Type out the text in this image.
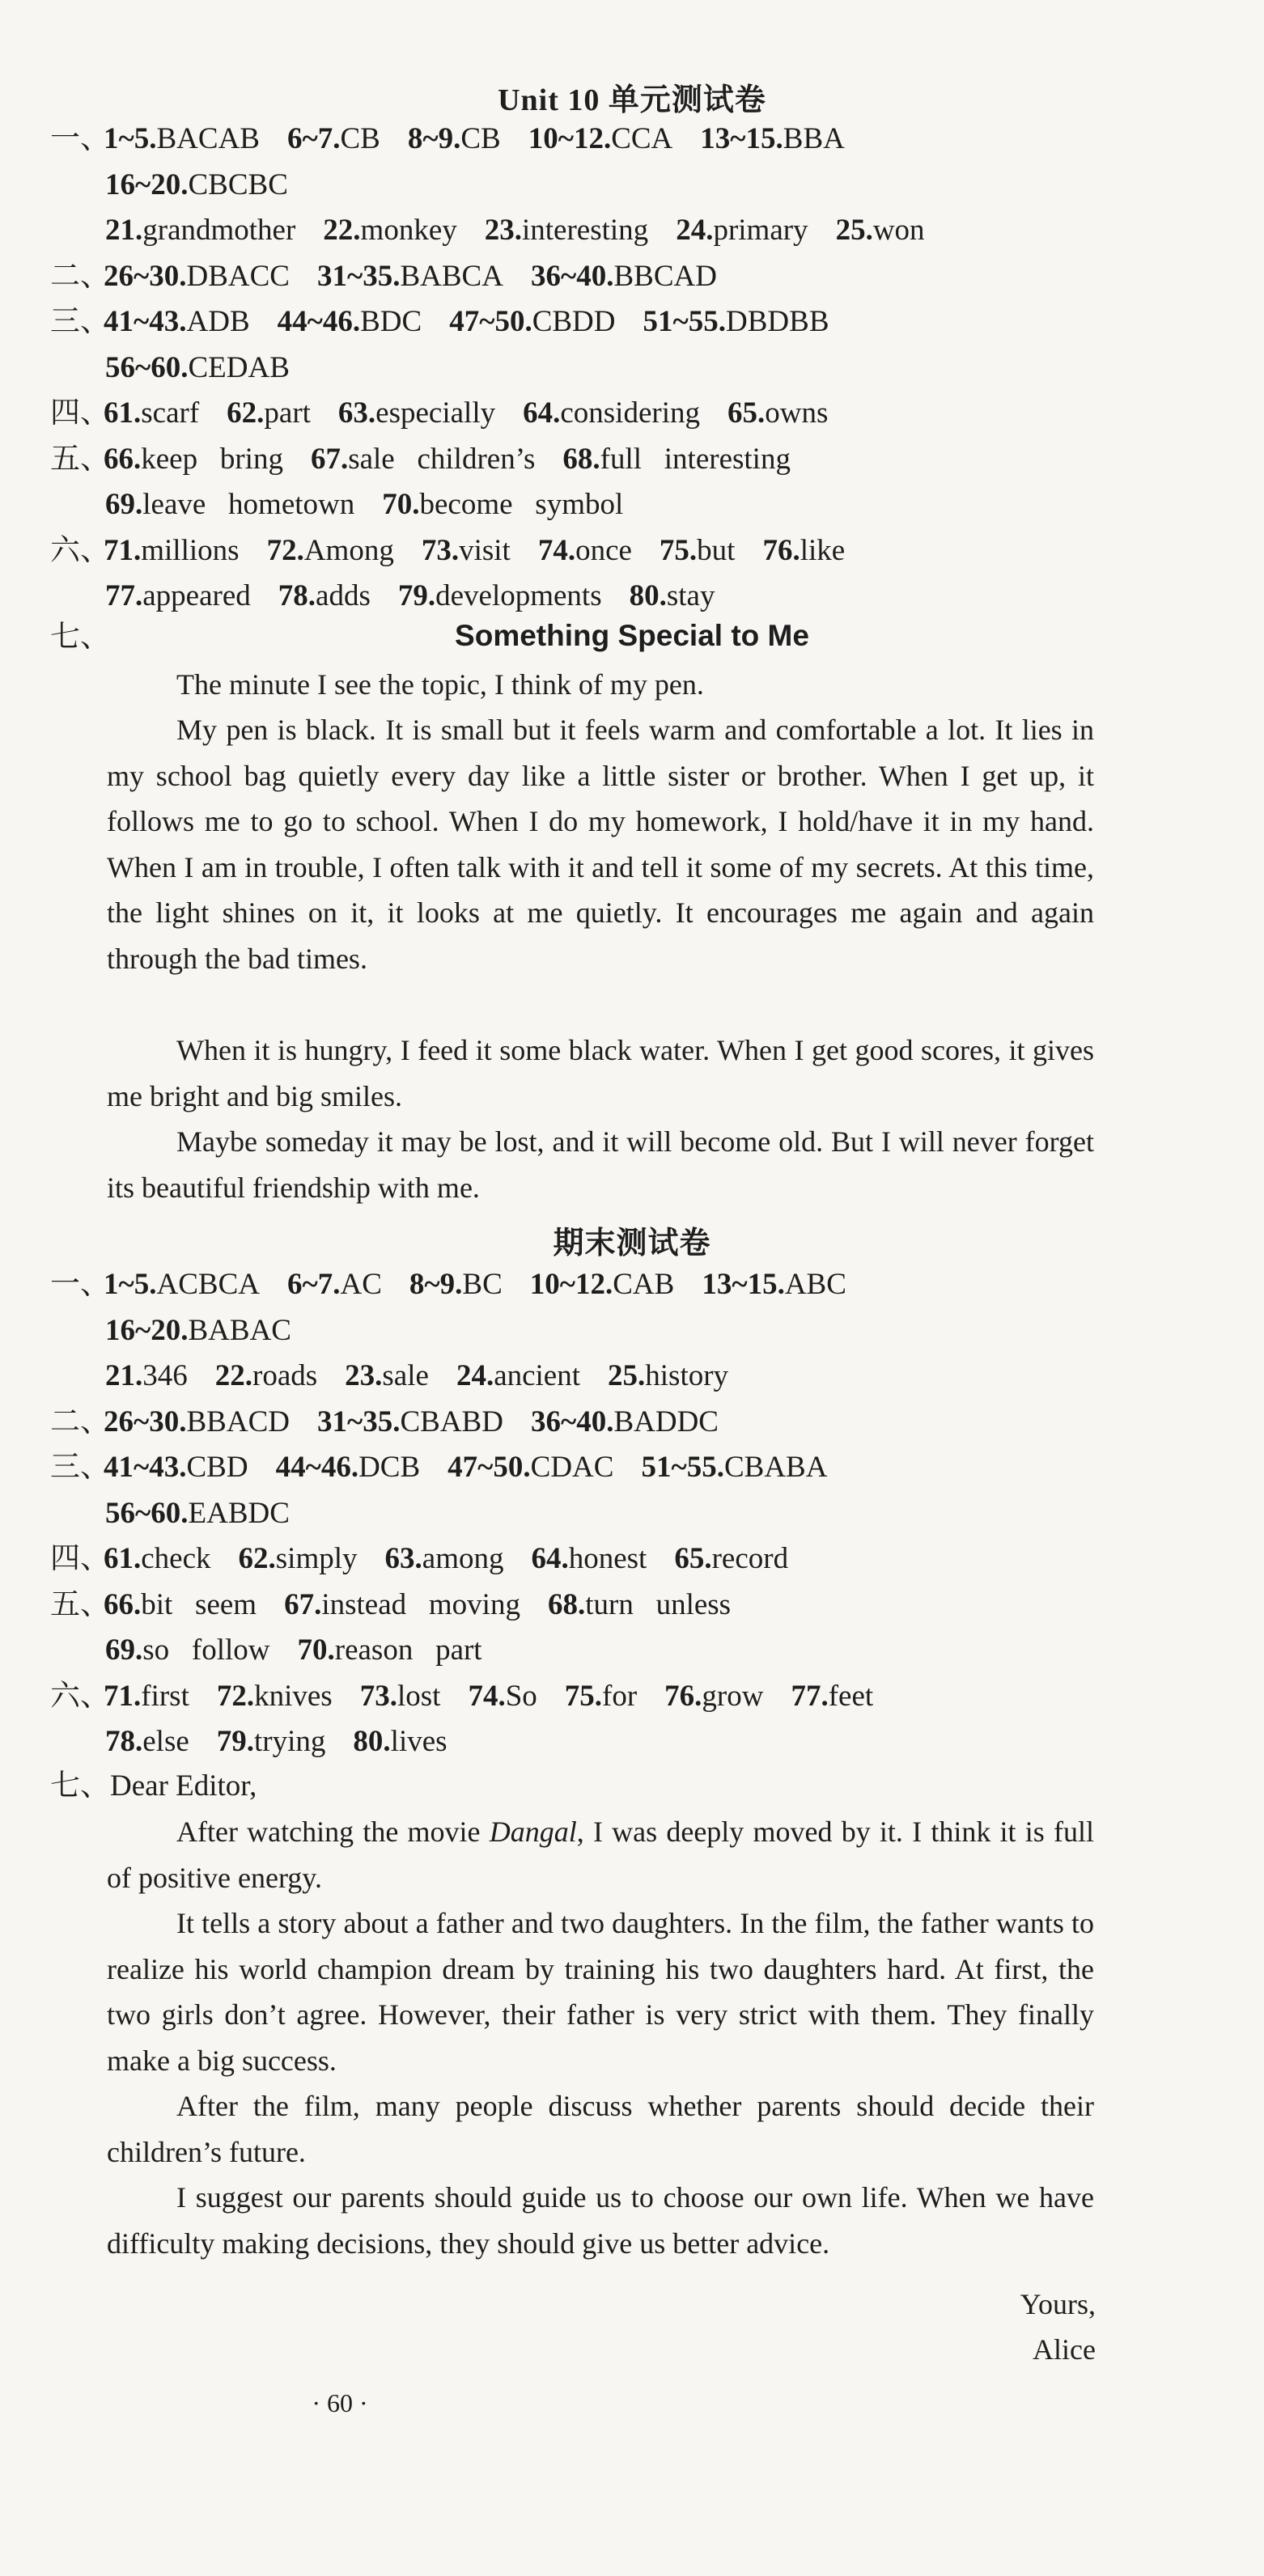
Unit 10 单元测试卷
一、1~5.BACAB 6~7.CB 8~9.CB 10~12.CCA 13~15.BBA
16~20.CBCBC
21.grandmother 22.monkey 23.interesting 24.primary 25.won
二、26~30.DBACC 31~35.BABCA 36~40.BBCAD
三、41~43.ADB 44~46.BDC 47~50.CBDD 51~55.DBDBB
56~60.CEDAB
四、61.scarf 62.part 63.especially 64.considering 65.owns
五、66.keep   bring 67.sale   children’s 68.full   interesting
69.leave   hometown 70.become   symbol
六、71.millions 72.Among 73.visit 74.once 75.but 76.like
77.appeared 78.adds 79.developments 80.stay
七、	Something Special to Me
The minute I see the topic, I think of my pen.
My pen is black. It is small but it feels warm and comfortable a lot. It lies in my school bag quietly every day like a little sister or brother. When I get up, it follows me to go to school. When I do my homework, I hold/have it in my hand. When I am in trouble, I often talk with it and tell it some of my secrets. At this time, the light shines on it, it looks at me quietly. It encourages me again and again through the bad times.
When it is hungry, I feed it some black water. When I get good scores, it gives me bright and big smiles.
Maybe someday it may be lost, and it will become old. But I will never forget its beautiful friendship with me.
期末测试卷
一、1~5.ACBCA 6~7.AC 8~9.BC 10~12.CAB 13~15.ABC
16~20.BABAC
21.346 22.roads 23.sale 24.ancient 25.history
二、26~30.BBACD 31~35.CBABD 36~40.BADDC
三、41~43.CBD 44~46.DCB 47~50.CDAC 51~55.CBABA
56~60.EABDC
四、61.check 62.simply 63.among 64.honest 65.record
五、66.bit   seem 67.instead   moving 68.turn   unless
69.so   follow 70.reason   part
六、71.first 72.knives 73.lost 74.So 75.for 76.grow 77.feet
78.else 79.trying 80.lives
七、Dear Editor,
After watching the movie Dangal, I was deeply moved by it. I think it is full of positive energy.
It tells a story about a father and two daughters. In the film, the father wants to realize his world champion dream by training his two daughters hard. At first, the two girls don’t agree. However, their father is very strict with them. They finally make a big success.
After the film, many people discuss whether parents should decide their children’s future.
I suggest our parents should guide us to choose our own life. When we have difficulty making decisions, they should give us better advice.
Yours,
Alice
· 60 ·
